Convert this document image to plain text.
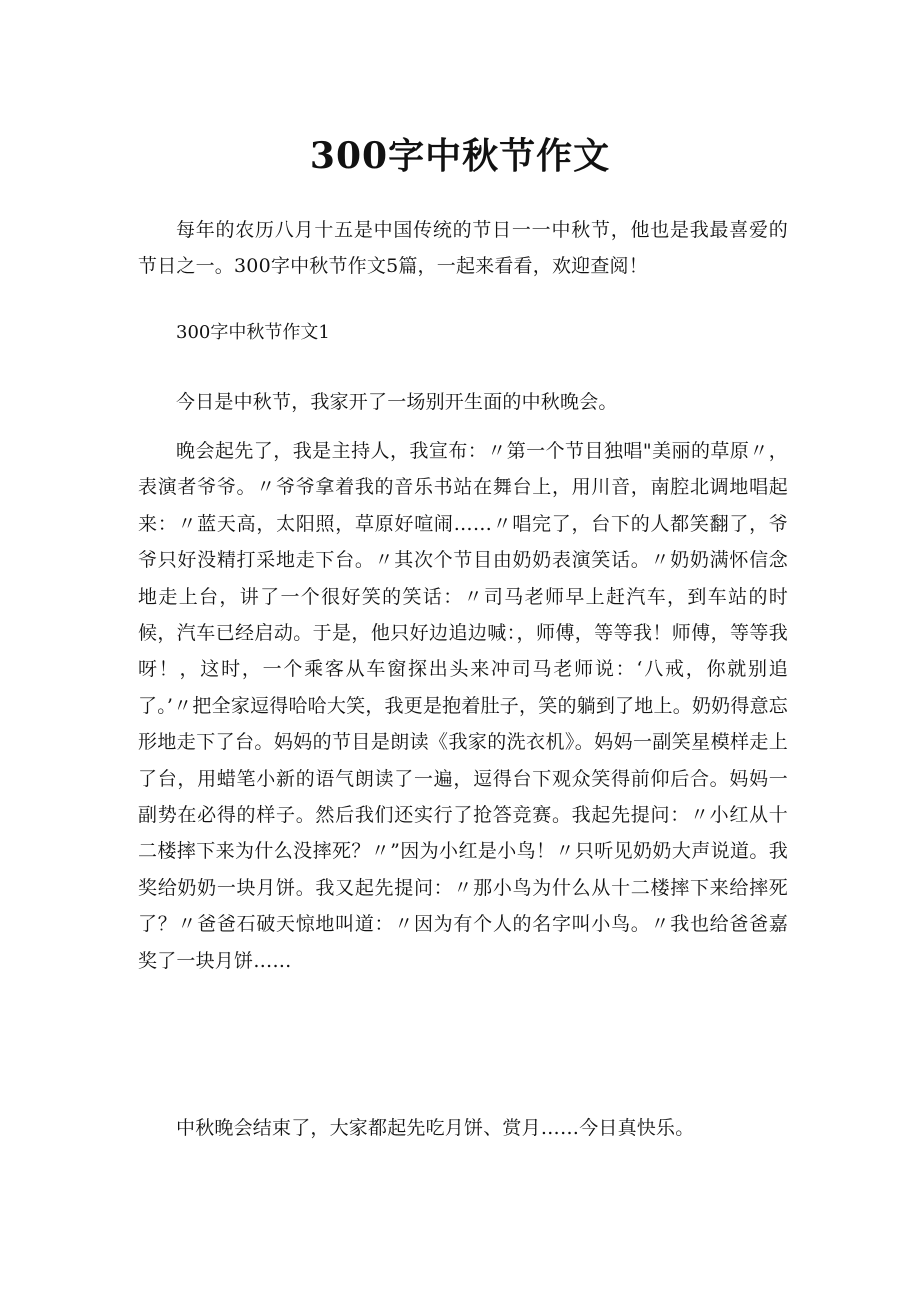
300字中秋节作文

每年的农历八月十五是中国传统的节日一一中秋节，他也是我最喜爱的节日之一。300字中秋节作文5篇，一起来看看，欢迎查阅！

300字中秋节作文1

今日是中秋节，我家开了一场别开生面的中秋晚会。

晚会起先了，我是主持人，我宣布：〃第一个节目独唱"美丽的草原〃，表演者爷爷。〃爷爷拿着我的音乐书站在舞台上，用川音，南腔北调地唱起来：〃蓝天高，太阳照，草原好喧闹……〃唱完了，台下的人都笑翻了，爷爷只好没精打采地走下台。〃其次个节目由奶奶表演笑话。〃奶奶满怀信念地走上台，讲了一个很好笑的笑话：〃司马老师早上赶汽车，到车站的时候，汽车已经启动。于是，他只好边追边喊：，师傅，等等我！师傅，等等我呀！，这时，一个乘客从车窗探出头来冲司马老师说：‘八戒，你就别追了。’〃把全家逗得哈哈大笑，我更是抱着肚子，笑的躺到了地上。奶奶得意忘形地走下了台。妈妈的节目是朗读《我家的洗衣机》。妈妈一副笑星模样走上了台，用蜡笔小新的语气朗读了一遍，逗得台下观众笑得前仰后合。妈妈一副势在必得的样子。然后我们还实行了抢答竞赛。我起先提问：〃小红从十二楼摔下来为什么没摔死？〃”因为小红是小鸟！〃只听见奶奶大声说道。我奖给奶奶一块月饼。我又起先提问：〃那小鸟为什么从十二楼摔下来给摔死了？〃爸爸石破天惊地叫道：〃因为有个人的名字叫小鸟。〃我也给爸爸嘉奖了一块月饼……

中秋晚会结束了，大家都起先吃月饼、赏月……今日真快乐。
